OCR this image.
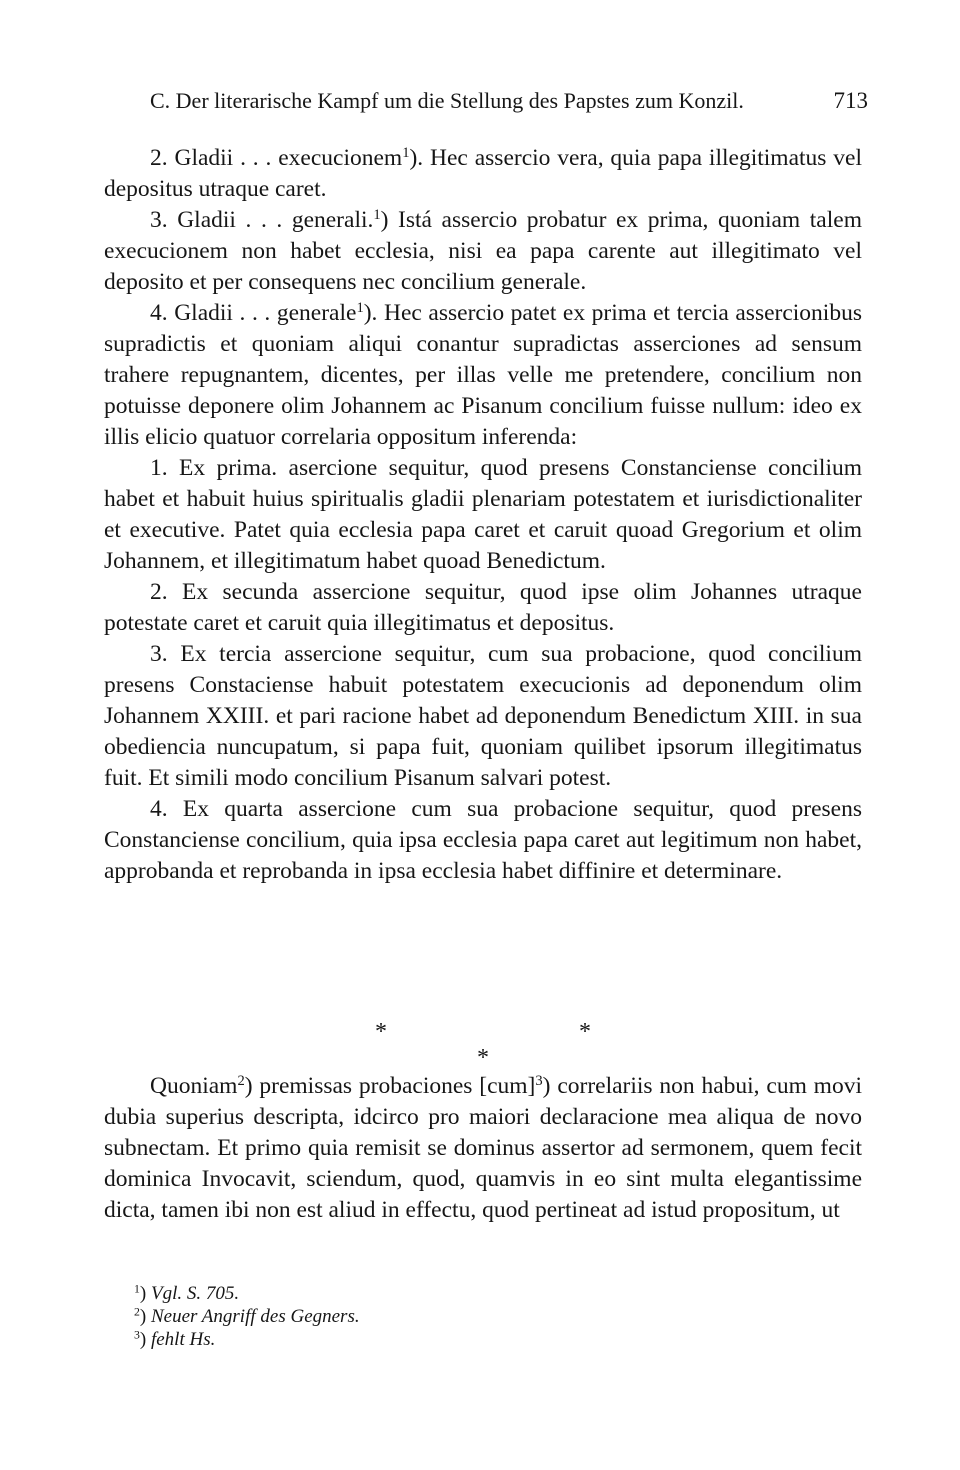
C. Der literarische Kampf um die Stellung des Papstes zum Konzil.	713

2. Gladii . . . execucionem$^1$). Hec assercio vera, quia papa illegitimatus vel depositus utraque caret.

3. Gladii . . . generali.$^1$) Istá assercio probatur ex prima, quoniam talem execucionem non habet ecclesia, nisi ea papa carente aut illegitimato vel deposito et per consequens nec concilium generale.

4. Gladii . . . generale$^1$). Hec assercio patet ex prima et tercia assercionibus supradictis et quoniam aliqui conantur supradictas asserciones ad sensum trahere repugnantem, dicentes, per illas velle me pretendere, concilium non potuisse deponere olim Johannem ac Pisanum concilium fuisse nullum: ideo ex illis elicio quatuor correlaria oppositum inferenda:

1. Ex prima. asercione sequitur, quod presens Constanciense concilium habet et habuit huius spiritualis gladii plenariam potestatem et iurisdictionaliter et executive. Patet quia ecclesia papa caret et caruit quoad Gregorium et olim Johannem, et illegitimatum habet quoad Benedictum.

2. Ex secunda assercione sequitur, quod ipse olim Johannes utraque potestate caret et caruit quia illegitimatus et depositus.

3. Ex tercia assercione sequitur, cum sua probacione, quod concilium presens Constaciense habuit potestatem execucionis ad deponendum olim Johannem XXIII. et pari racione habet ad deponendum Benedictum XIII. in sua obediencia nuncupatum, si papa fuit, quoniam quilibet ipsorum illegitimatus fuit. Et simili modo concilium Pisanum salvari potest.

4. Ex quarta assercione cum sua probacione sequitur, quod presens Constanciense concilium, quia ipsa ecclesia papa caret aut legitimum non habet, approbanda et reprobanda in ipsa ecclesia habet diffinire et determinare.

*	*
*

Quoniam$^2$) premissas probaciones [cum]$^3$) correlariis non habui, cum movi dubia superius descripta, idcirco pro maiori declaracione mea aliqua de novo subnectam. Et primo quia remisit se dominus assertor ad sermonem, quem fecit dominica Invocavit, sciendum, quod, quamvis in eo sint multa elegantissime dicta, tamen ibi non est aliud in effectu, quod pertineat ad istud propositum, ut

$^1$) Vgl. S. 705.

$^2$) Neuer Angriff des Gegners.

$^3$) fehlt Hs.
